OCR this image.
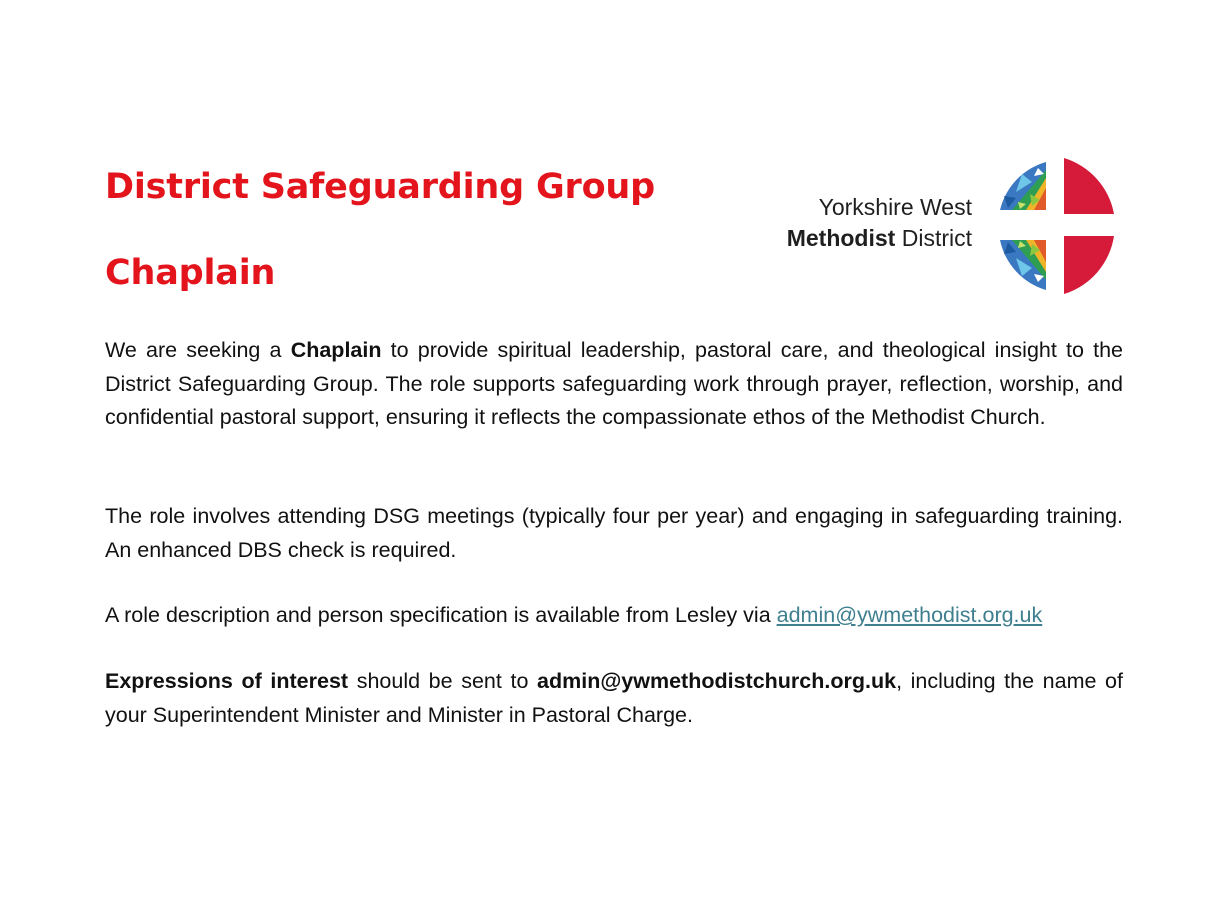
District Safeguarding Group
Chaplain
Yorkshire West
Methodist District

We are seeking a Chaplain to provide spiritual leadership, pastoral care, and theological insight to the District Safeguarding Group. The role supports safeguarding work through prayer, reflection, worship, and confidential pastoral support, ensuring it reflects the compassionate ethos of the Methodist Church.

The role involves attending DSG meetings (typically four per year) and engaging in safeguarding training. An enhanced DBS check is required.

A role description and person specification is available from Lesley via admin@ywmethodist.org.uk

Expressions of interest should be sent to admin@ywmethodistchurch.org.uk, including the name of your Superintendent Minister and Minister in Pastoral Charge.
